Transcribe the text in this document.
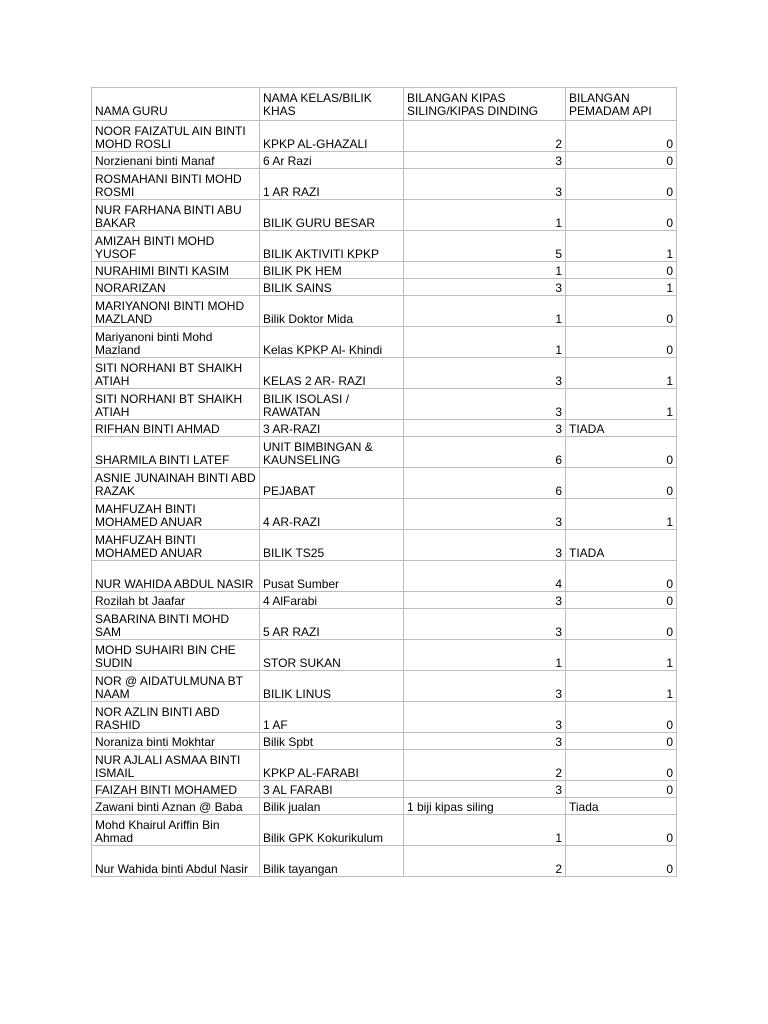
NAMA GURU	NAMA KELAS/BILIK KHAS	BILANGAN KIPAS SILING/KIPAS DINDING	BILANGAN PEMADAM API
NOOR FAIZATUL AIN BINTI MOHD ROSLI	KPKP AL-GHAZALI	2	0
Norzienani binti Manaf	6 Ar Razi	3	0
ROSMAHANI BINTI MOHD ROSMI	1 AR RAZI	3	0
NUR FARHANA BINTI ABU BAKAR	BILIK GURU BESAR	1	0
AMIZAH BINTI MOHD YUSOF	BILIK AKTIVITI KPKP	5	1
NURAHIMI BINTI KASIM	BILIK PK HEM	1	0
NORARIZAN	BILIK SAINS	3	1
MARIYANONI BINTI MOHD MAZLAND	Bilik Doktor Mida	1	0
Mariyanoni binti Mohd Mazland	Kelas KPKP Al- Khindi	1	0
SITI NORHANI BT SHAIKH ATIAH	KELAS 2 AR- RAZI	3	1
SITI NORHANI BT SHAIKH ATIAH	BILIK ISOLASI / RAWATAN	3	1
RIFHAN BINTI AHMAD	3 AR-RAZI	3	TIADA
SHARMILA BINTI LATEF	UNIT BIMBINGAN & KAUNSELING	6	0
ASNIE JUNAINAH BINTI ABD RAZAK	PEJABAT	6	0
MAHFUZAH BINTI MOHAMED ANUAR	4 AR-RAZI	3	1
MAHFUZAH BINTI MOHAMED ANUAR	BILIK TS25	3	TIADA
NUR WAHIDA ABDUL NASIR	Pusat Sumber	4	0
Rozilah bt Jaafar	4 AlFarabi	3	0
SABARINA BINTI MOHD SAM	5 AR RAZI	3	0
MOHD SUHAIRI BIN CHE SUDIN	STOR SUKAN	1	1
NOR @ AIDATULMUNA BT NAAM	BILIK LINUS	3	1
NOR AZLIN BINTI ABD RASHID	1 AF	3	0
Noraniza binti Mokhtar	Bilik Spbt	3	0
NUR AJLALI ASMAA BINTI ISMAIL	KPKP AL-FARABI	2	0
FAIZAH BINTI MOHAMED	3 AL FARABI	3	0
Zawani binti Aznan @ Baba	Bilik jualan	1 biji kipas siling	Tiada
Mohd Khairul Ariffin Bin Ahmad	Bilik GPK Kokurikulum	1	0
Nur Wahida binti Abdul Nasir	Bilik tayangan	2	0
